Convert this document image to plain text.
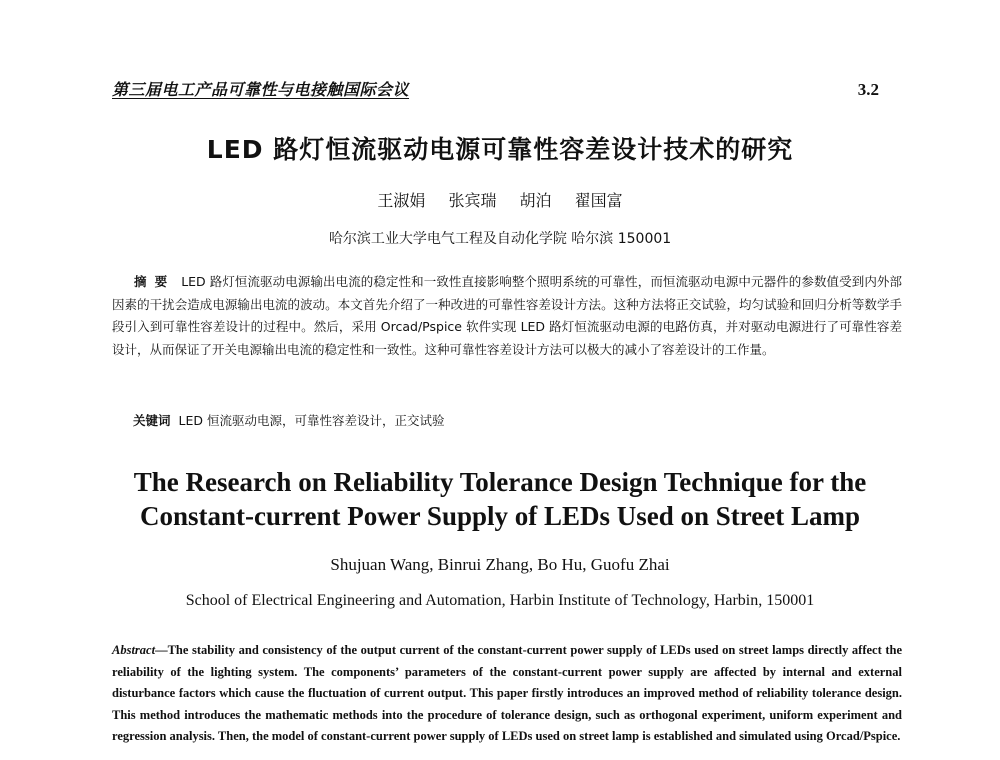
第三届电工产品可靠性与电接触国际会议	3.2
LED 路灯恒流驱动电源可靠性容差设计技术的研究
王淑娟 张宾瑞 胡泊 翟国富
哈尔滨工业大学电气工程及自动化学院 哈尔滨 150001
摘要 LED 路灯恒流驱动电源输出电流的稳定性和一致性直接影响整个照明系统的可靠性，而恒流驱动电源中元器件的参数值受到内外部因素的干扰会造成电源输出电流的波动。本文首先介绍了一种改进的可靠性容差设计方法。这种方法将正交试验，均匀试验和回归分析等数学手段引入到可靠性容差设计的过程中。然后，采用 Orcad/Pspice 软件实现 LED 路灯恒流驱动电源的电路仿真，并对驱动电源进行了可靠性容差设计，从而保证了开关电源输出电流的稳定性和一致性。这种可靠性容差设计方法可以极大的减小了容差设计的工作量。
关键词 LED 恒流驱动电源，可靠性容差设计，正交试验
The Research on Reliability Tolerance Design Technique for the
Constant-current Power Supply of LEDs Used on Street Lamp
Shujuan Wang, Binrui Zhang, Bo Hu, Guofu Zhai
School of Electrical Engineering and Automation, Harbin Institute of Technology, Harbin, 150001
Abstract—The stability and consistency of the output current of the constant-current power supply of LEDs used on street lamps directly affect the reliability of the lighting system. The components’ parameters of the constant-current power supply are affected by internal and external disturbance factors which cause the fluctuation of current output. This paper firstly introduces an improved method of reliability tolerance design. This method introduces the mathematic methods into the procedure of tolerance design, such as orthogonal experiment, uniform experiment and regression analysis. Then, the model of constant-current power supply of LEDs used on street lamp is established and simulated using Orcad/Pspice.
